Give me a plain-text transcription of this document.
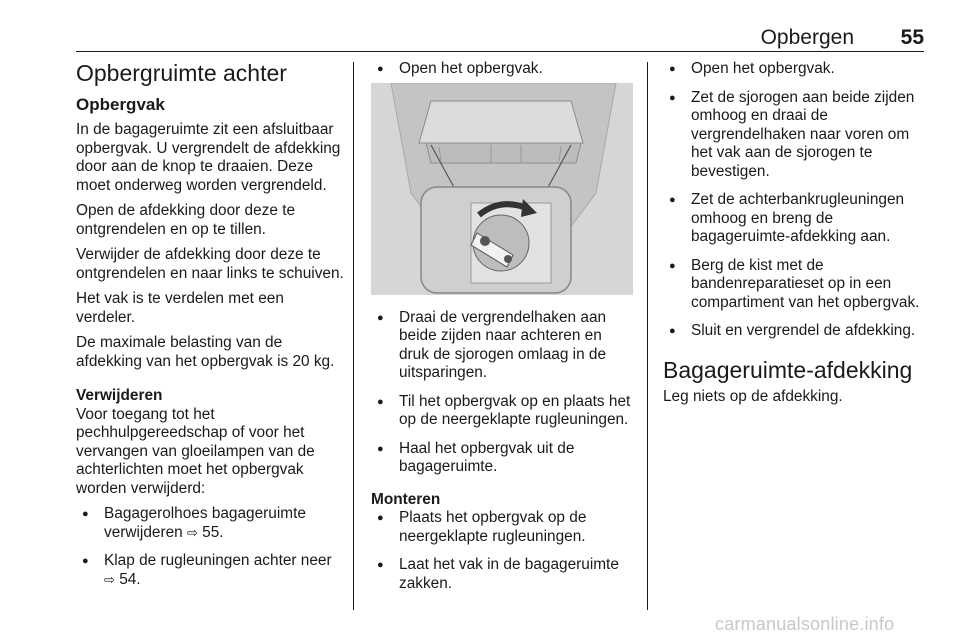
Opbergen 55
Opbergruimte achter
Opbergvak

In de bagageruimte zit een afsluitbaar opbergvak. U vergrendelt de afdekking door aan de knop te draaien. Deze moet onderweg worden vergrendeld.

Open de afdekking door deze te ontgrendelen en op te tillen.

Verwijder de afdekking door deze te ontgrendelen en naar links te schuiven.

Het vak is te verdelen met een verdeler.

De maximale belasting van de afdekking van het opbergvak is 20 kg.

Verwijderen

Voor toegang tot het pechhulpgereedschap of voor het vervangen van gloeilampen van de achterlichten moet het opbergvak worden verwijderd:

● Bagagerolhoes bagageruimte verwijderen ⇨ 55.
● Klap de rugleuningen achter neer ⇨ 54.
● Open het opbergvak.
● Draai de vergrendelhaken aan beide zijden naar achteren en druk de sjorogen omlaag in de uitsparingen.
● Til het opbergvak op en plaats het op de neergeklapte rugleuningen.
● Haal het opbergvak uit de bagageruimte.
Monteren
● Plaats het opbergvak op de neergeklapte rugleuningen.
● Laat het vak in de bagageruimte zakken.
● Open het opbergvak.
● Zet de sjorogen aan beide zijden omhoog en draai de vergrendelhaken naar voren om het vak aan de sjorogen te bevestigen.
● Zet de achterbankrugleuningen omhoog en breng de bagageruimte-afdekking aan.
● Berg de kist met de bandenreparatieset op in een compartiment van het opbergvak.
● Sluit en vergrendel de afdekking.
Bagageruimte-afdekking

Leg niets op de afdekking.

carmanualsonline.info
